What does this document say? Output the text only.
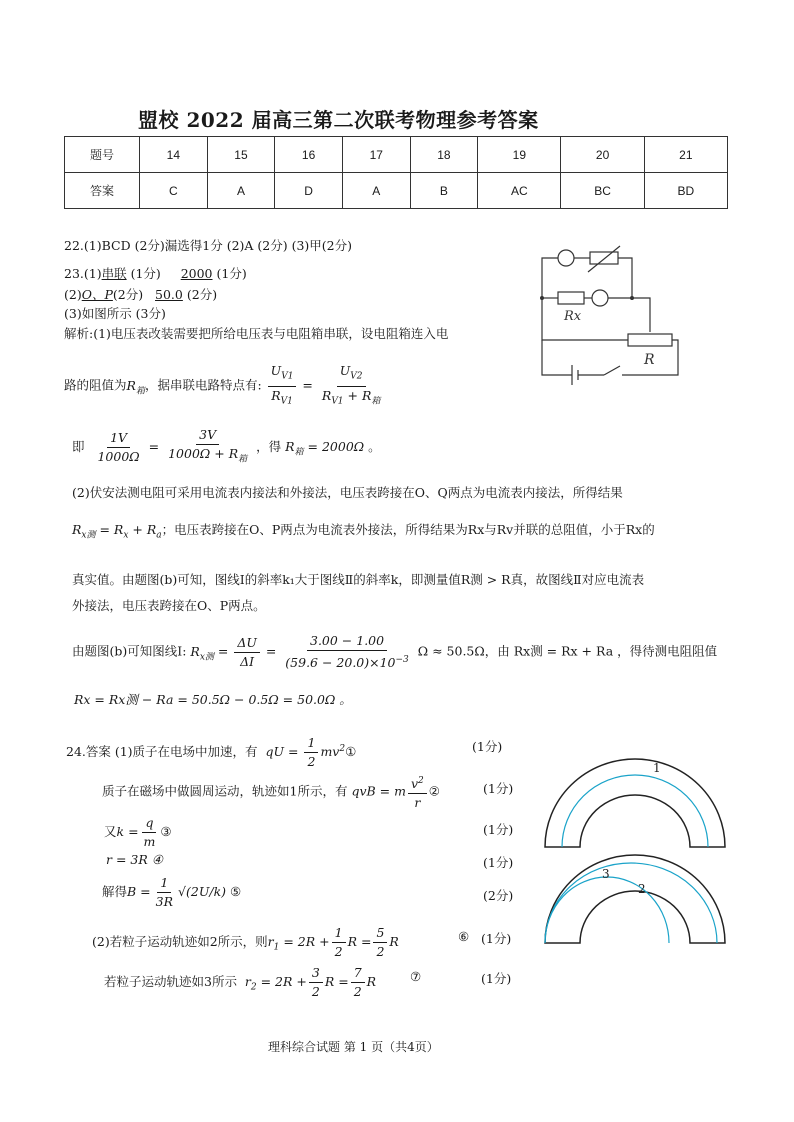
盟校 2022 届高三第二次联考物理参考答案
题号	14	15	16	17	18	19	20	21
答案	C	A	D	A	B	AC	BC	BD
22.(1)BCD (2分)漏选得1分 (2)A (2分) (3)甲(2分)
23.(1)串联 (1分) 2000 (1分)
(2)O、P(2分) 50.0 (2分)
(3)如图所示 (3分)
解析:(1)电压表改装需要把所给电压表与电阻箱串联，设电阻箱连入电
路的阻值为$R_箱$，据串联电路特点有: $\frac{U_{V1}}{R_{V1}} = \frac{U_{V2}}{R_{V1} + R_箱}$
即 $\frac{1V}{1000\Omega} = \frac{3V}{1000\Omega + R_箱}$ ，得 $R_箱 = 2000\Omega$ 。
(2)伏安法测电阻可采用电流表内接法和外接法，电压表跨接在O、Q两点为电流表内接法，所得结果
$R_{x测} = R_x + R_a$；电压表跨接在O、P两点为电流表外接法，所得结果为Rx与Rv并联的总阻值，小于Rx的
真实值。由题图(b)可知，图线Ⅰ的斜率k₁大于图线Ⅱ的斜率k，即测量值R测 > R真，故图线Ⅱ对应电流表
外接法，电压表跨接在O、P两点。
由题图(b)可知图线Ⅰ: $R_{x测} = \frac{\Delta U}{\Delta I} = \frac{3.00 - 1.00}{(59.6 - 20.0)\times 10^{-3}}$ Ω ≈ 50.5Ω，由 Rx测 = Rx + Ra ，得待测电阻阻值
Rx = Rx测 − Ra = 50.5Ω − 0.5Ω = 50.0Ω 。
24.答案 (1)质子在电场中加速，有 qU = $\frac{1}{2}$ $mv^2①$	(1分)
质子在磁场中做圆周运动，轨迹如1所示，有 qvB = m $\frac{v^2}{r}$ ②	(1分)
又$k = \frac{q}{m}$ ③	(1分)
r = 3R ④	(1分)
解得$B = \frac{1}{3R} √(2U/k)$ ⑤	(2分)
(2)若粒子运动轨迹如2所示，则$r_1 = 2R + \frac{1}{2}$ $R = \frac{5}{2}$ R	⑥ (1分)
若粒子运动轨迹如3所示 $r_2 = 2R + \frac{3}{2}$ $R = \frac{7}{2}$ R	⑦	(1分)
Rx
R
1
3
2
理科综合试题 第 1 页（共4页）
